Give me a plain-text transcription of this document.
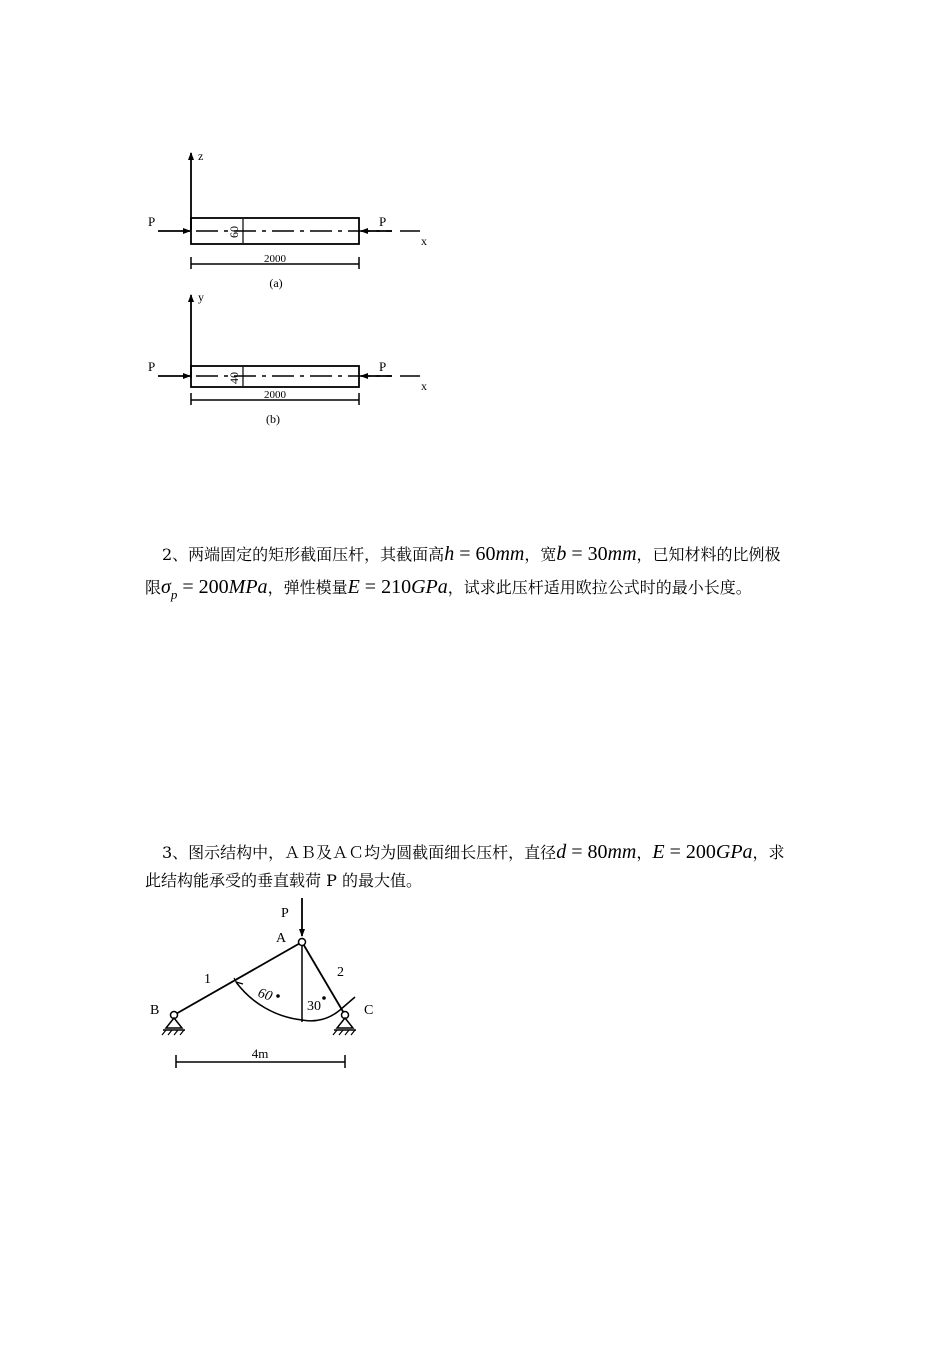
z
60
P	P
x
2000
(a)
y
40
P	P
x
2000
(b)
P
A
B	C
1	2
60
30
4m
2、两端固定的矩形截面压杆，其截面高h = 60mm，宽b = 30mm，已知材料的比例极
限$\sigma_p = 200MPa$，弹性模量E = 210GPa，试求此压杆适用欧拉公式时的最小长度。
3、图示结构中，ＡＢ及ＡＣ均为圆截面细长压杆，直径d = 80mm，E = 200GPa，求
此结构能承受的垂直载荷 P 的最大值。
